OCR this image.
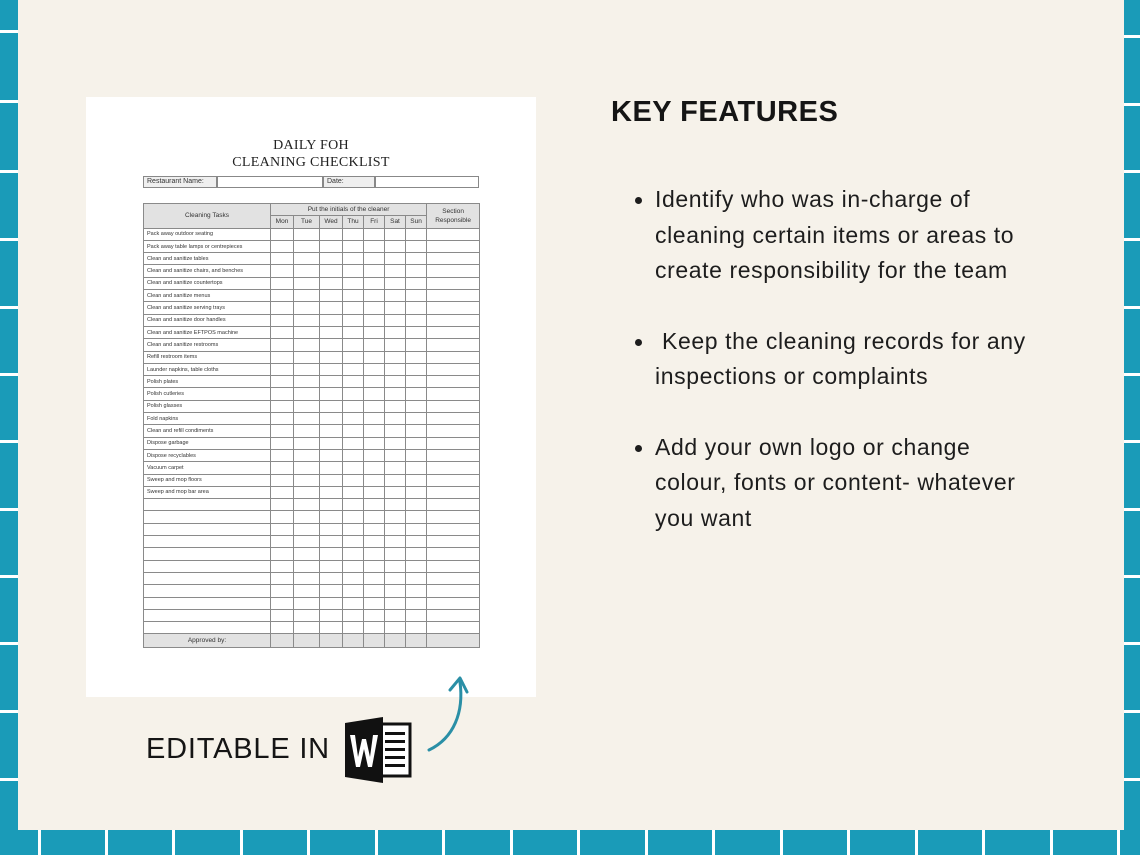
DAILY FOH
CLEANING CHECKLIST
Restaurant Name:	Date:
Cleaning Tasks	Put the initials of the cleaner							Section Responsible
	Mon	Tue	Wed	Thu	Fri	Sat	Sun	
Pack away outdoor seating								
Pack away table lamps or centrepieces								
Clean and sanitize tables								
Clean and sanitize chairs, and benches								
Clean and sanitize countertops								
Clean and sanitize menus								
Clean and sanitize serving trays								
Clean and sanitize door handles								
Clean and sanitize EFTPOS machine								
Clean and sanitize restrooms								
Refill restroom items								
Launder napkins, table cloths								
Polish plates								
Polish cutleries								
Polish glasses								
Fold napkins								
Clean and refill condiments								
Dispose garbage								
Dispose recyclables								
Vacuum carpet								
Sweep and mop floors								
Sweep and mop bar area								

Approved by:								
KEY FEATURES
Identify who was in-charge of cleaning certain items or areas to create responsibility for the team
Keep the cleaning records for any inspections or complaints
Add your own logo or change colour, fonts or content- whatever you want
EDITABLE IN
